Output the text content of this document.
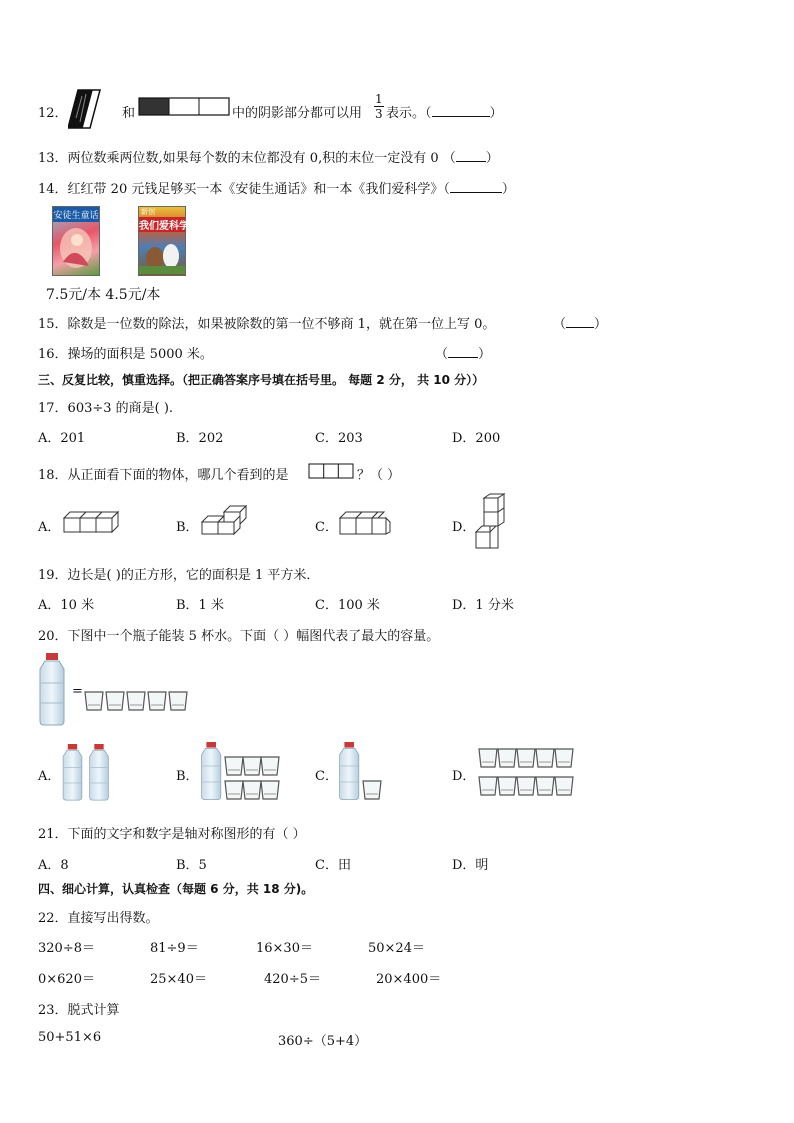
12．	和	中的阴影部分都可以用 $\frac{1}{3}$ 表示。（	）
13．两位数乘两位数,如果每个数的末位都没有 0,积的末位一定没有 0 （ ）
14．红红带 20 元钱足够买一本《安徒生通话》和一本《我们爱科学》（	）
安徒生童话	新创
我们爱科学
7.5元/本 4.5元/本
15．除数是一位数的除法，如果被除数的第一位不够商 1，就在第一位上写 0。	（ ）
16．操场的面积是 5000 米。	（ ）
三、反复比较，慎重选择。（把正确答案序号填在括号里。 每题 2 分， 共 10 分））
17．603÷3 的商是( ).
A．201	B．202	C．203	D．200
18．从正面看下面的物体，哪几个看到的是	？（ ）
A．	B．	C．	D．
19．边长是( )的正方形，它的面积是 1 平方米．
A．10 米	B．1 米	C．100 米	D．1 分米
20．下图中一个瓶子能装 5 杯水。下面（ ）幅图代表了最大的容量。
=
A．	B．	C．	D．
21．下面的文字和数字是轴对称图形的有（ ）
A．8	B．5	C．田	D．明
四、细心计算，认真检查（每题 6 分，共 18 分)。
22．直接写出得数。
320÷8＝	81÷9＝	16×30＝	50×24＝
0×620＝	25×40＝	420÷5＝	20×400＝
23．脱式计算
50+51×6	360÷（5+4）
